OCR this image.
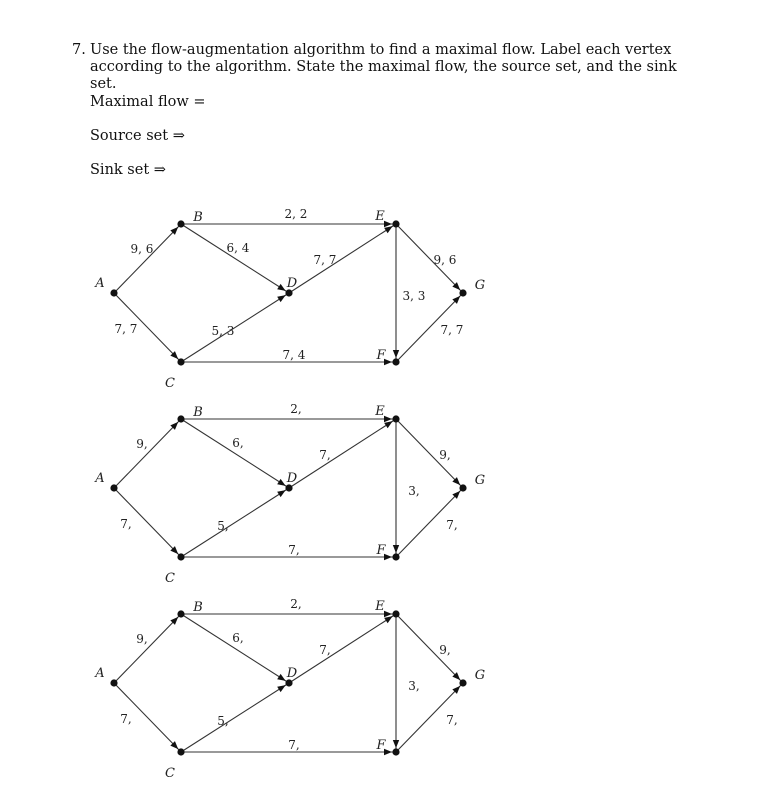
7. Use the flow-augmentation algorithm to find a maximal flow. Label each vertex according to the algorithm. State the maximal flow, the source set, and the sink set.
Maximal flow =
Source set ⇒
Sink set ⇒
A
B
C
D
E
F
G
9, 6
7, 7
2, 2
6, 4
5, 3
7, 4
7, 7
3, 3
9, 6
7, 7
A
B
C
D
E
F
G
9,
7,
2,
6,
5,
7,
7,
3,
9,
7,
A
B
C
D
E
F
G
9,
7,
2,
6,
5,
7,
7,
3,
9,
7,
